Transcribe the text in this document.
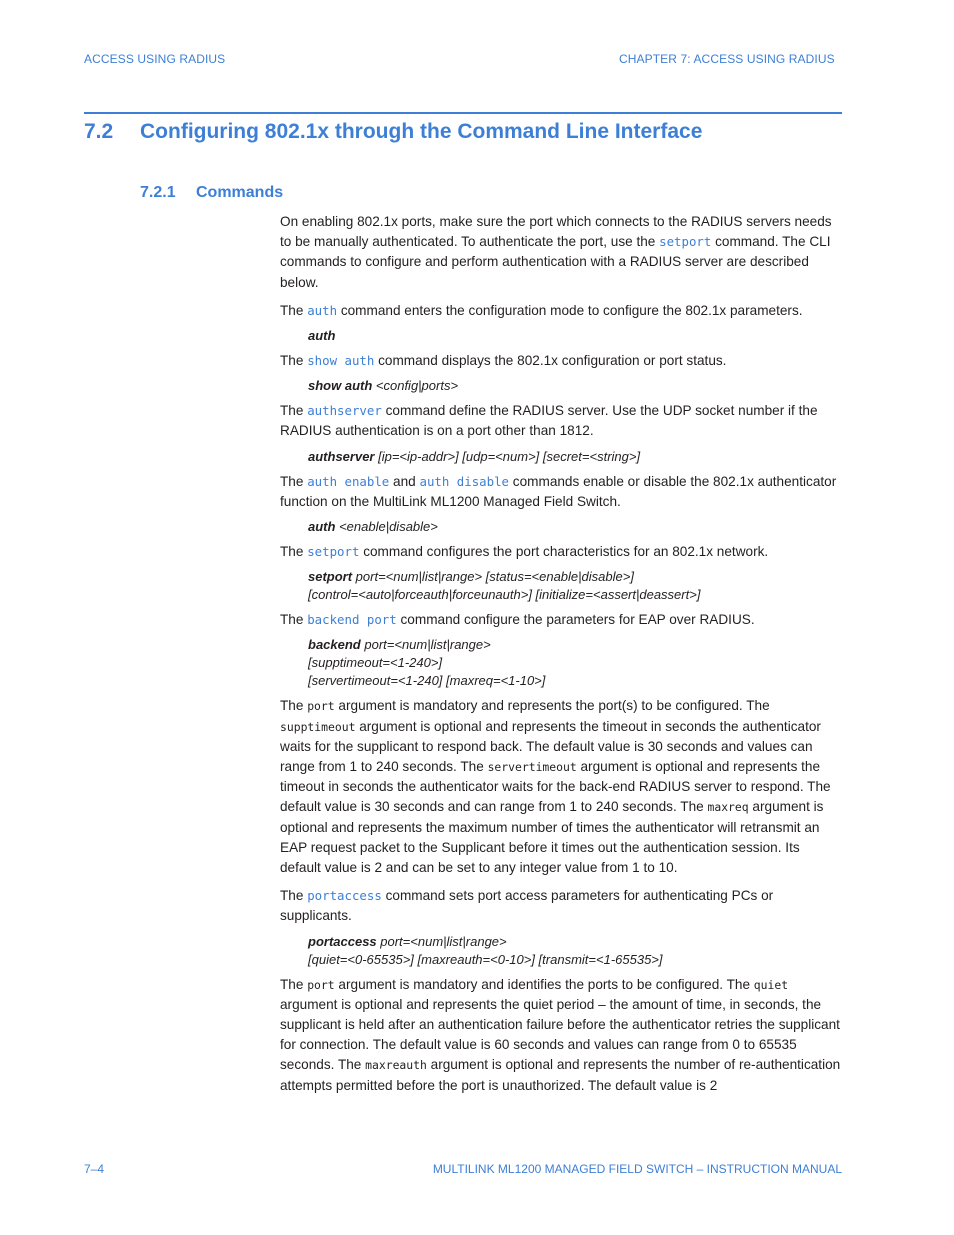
ACCESS USING RADIUS	CHAPTER 7: ACCESS USING RADIUS
7.2 Configuring 802.1x through the Command Line Interface
7.2.1 Commands

On enabling 802.1x ports, make sure the port which connects to the RADIUS servers needs to be manually authenticated. To authenticate the port, use the setport command. The CLI commands to configure and perform authentication with a RADIUS server are described below.

The auth command enters the configuration mode to configure the 802.1x parameters.

auth

The show auth command displays the 802.1x configuration or port status.

show auth <config|ports>

The authserver command define the RADIUS server. Use the UDP socket number if the RADIUS authentication is on a port other than 1812.

authserver [ip=<ip-addr>] [udp=<num>] [secret=<string>]

The auth enable and auth disable commands enable or disable the 802.1x authenticator function on the MultiLink ML1200 Managed Field Switch.

auth <enable|disable>

The setport command configures the port characteristics for an 802.1x network.

setport port=<num|list|range> [status=<enable|disable>]
[control=<auto|forceauth|forceunauth>] [initialize=<assert|deassert>]

The backend port command configure the parameters for EAP over RADIUS.

backend port=<num|list|range>
[supptimeout=<1-240>]
[servertimeout=<1-240] [maxreq=<1-10>]

The port argument is mandatory and represents the port(s) to be configured. The supptimeout argument is optional and represents the timeout in seconds the authenticator waits for the supplicant to respond back. The default value is 30 seconds and values can range from 1 to 240 seconds. The servertimeout argument is optional and represents the timeout in seconds the authenticator waits for the back-end RADIUS server to respond. The default value is 30 seconds and can range from 1 to 240 seconds. The maxreq argument is optional and represents the maximum number of times the authenticator will retransmit an EAP request packet to the Supplicant before it times out the authentication session. Its default value is 2 and can be set to any integer value from 1 to 10.

The portaccess command sets port access parameters for authenticating PCs or supplicants.

portaccess port=<num|list|range>
[quiet=<0-65535>] [maxreauth=<0-10>] [transmit=<1-65535>]

The port argument is mandatory and identifies the ports to be configured. The quiet argument is optional and represents the quiet period – the amount of time, in seconds, the supplicant is held after an authentication failure before the authenticator retries the supplicant for connection. The default value is 60 seconds and values can range from 0 to 65535 seconds. The maxreauth argument is optional and represents the number of re-authentication attempts permitted before the port is unauthorized. The default value is 2

7–4	MULTILINK ML1200 MANAGED FIELD SWITCH – INSTRUCTION MANUAL
